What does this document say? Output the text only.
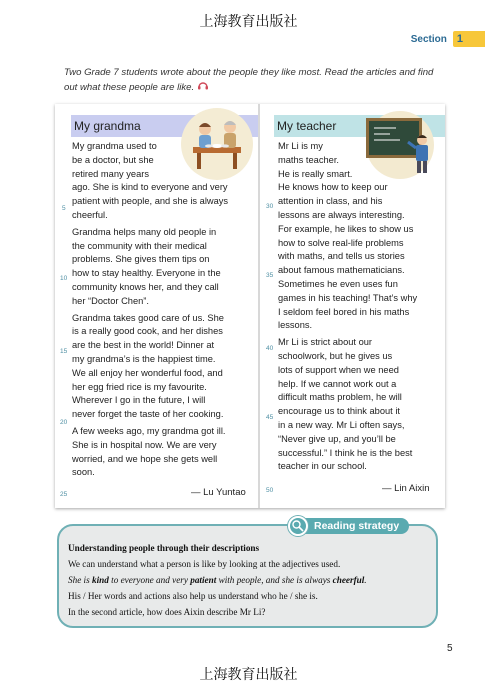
上海教育出版社
Section 1
Two Grade 7 students wrote about the people they like most. Read the articles and find out what these people are like.
My grandma
My grandma used to
be a doctor, but she
retired many years
ago. She is kind to everyone and very
patient with people, and she is always
cheerful.
Grandma helps many old people in
the community with their medical
problems. She gives them tips on
how to stay healthy. Everyone in the
community knows her, and they call
her “Doctor Chen”.
Grandma takes good care of us. She
is a really good cook, and her dishes
are the best in the world! Dinner at
my grandma’s is the happiest time.
We all enjoy her wonderful food, and
her egg fried rice is my favourite.
Wherever I go in the future, I will
never forget the taste of her cooking.
A few weeks ago, my grandma got ill.
She is in hospital now. We are very
worried, and we hope she gets well
soon.
5
10
15
20
25	— Lu Yuntao
My teacher
Mr Li is my
maths teacher.
He is really smart.
He knows how to keep our
attention in class, and his
lessons are always interesting.
For example, he likes to show us
how to solve real-life problems
with maths, and tells us stories
about famous mathematicians.
Sometimes he even uses fun
games in his teaching! That’s why
I seldom feel bored in his maths
lessons.
Mr Li is strict about our
schoolwork, but he gives us
lots of support when we need
help. If we cannot work out a
difficult maths problem, he will
encourage us to think about it
in a new way. Mr Li often says,
“Never give up, and you’ll be
successful.” I think he is the best
teacher in our school.
30
35
40
45
50	— Lin Aixin
Understanding people through their descriptions
We can understand what a person is like by looking at the adjectives used.
She is kind to everyone and very patient with people, and she is always cheerful.
His / Her words and actions also help us understand who he / she is.
In the second article, how does Aixin describe Mr Li?
Reading strategy
5
上海教育出版社
